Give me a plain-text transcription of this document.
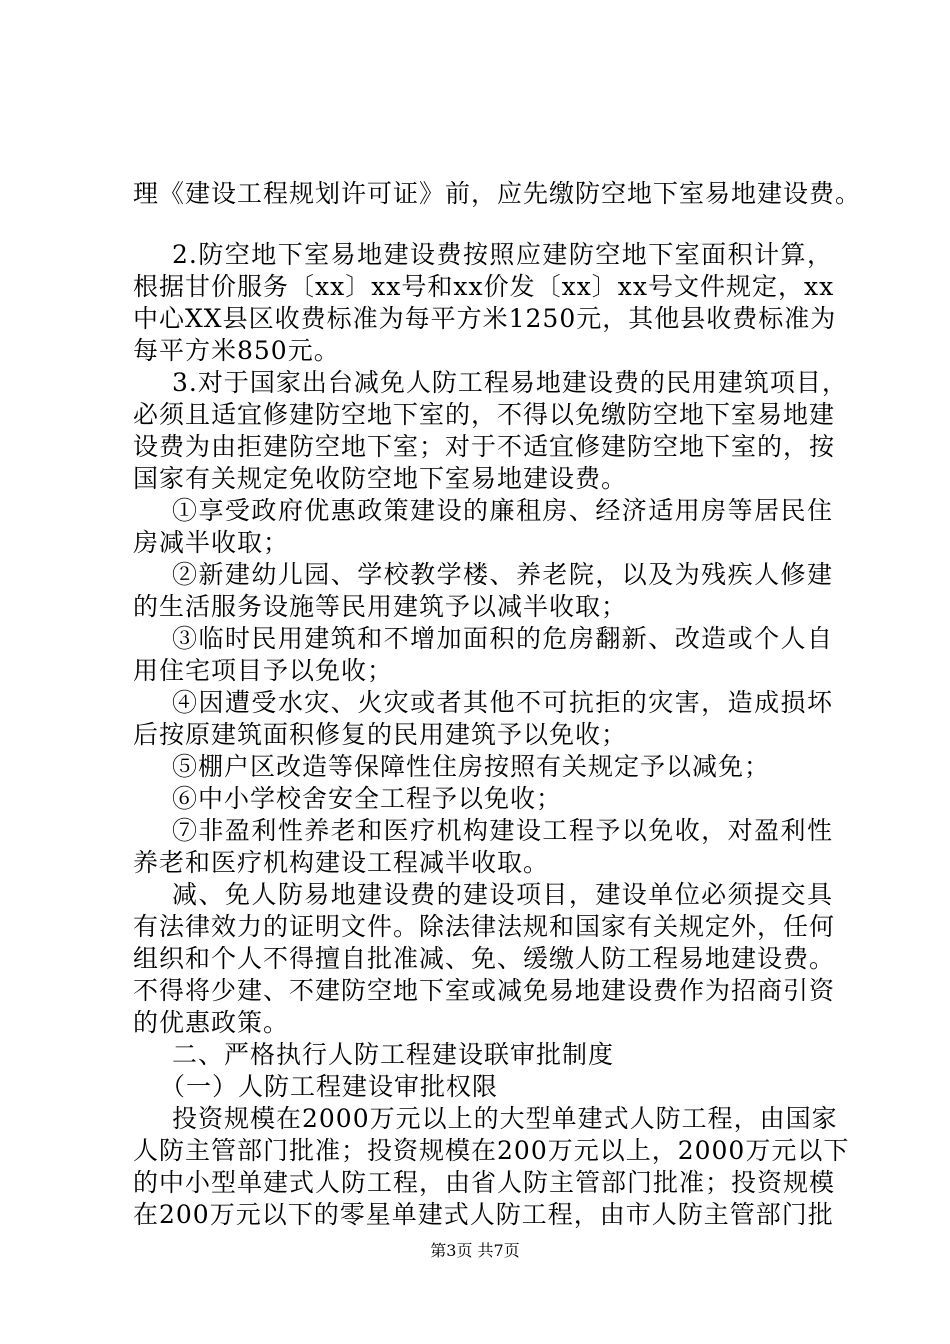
理《建设工程规划许可证》前，应先缴防空地下室易地建设费。
2.防空地下室易地建设费按照应建防空地下室面积计算，
根据甘价服务〔xx〕xx号和xx价发〔xx〕xx号文件规定，xx
中心XX县区收费标准为每平方米1250元，其他县收费标准为
每平方米850元。
3.对于国家出台减免人防工程易地建设费的民用建筑项目，
必须且适宜修建防空地下室的，不得以免缴防空地下室易地建
设费为由拒建防空地下室；对于不适宜修建防空地下室的，按
国家有关规定免收防空地下室易地建设费。
①享受政府优惠政策建设的廉租房、经济适用房等居民住
房减半收取；
②新建幼儿园、学校教学楼、养老院，以及为残疾人修建
的生活服务设施等民用建筑予以减半收取；
③临时民用建筑和不增加面积的危房翻新、改造或个人自
用住宅项目予以免收；
④因遭受水灾、火灾或者其他不可抗拒的灾害，造成损坏
后按原建筑面积修复的民用建筑予以免收；
⑤棚户区改造等保障性住房按照有关规定予以减免；
⑥中小学校舍安全工程予以免收；
⑦非盈利性养老和医疗机构建设工程予以免收，对盈利性
养老和医疗机构建设工程减半收取。
减、免人防易地建设费的建设项目，建设单位必须提交具
有法律效力的证明文件。除法律法规和国家有关规定外，任何
组织和个人不得擅自批准减、免、缓缴人防工程易地建设费。
不得将少建、不建防空地下室或减免易地建设费作为招商引资
的优惠政策。
二、严格执行人防工程建设联审批制度
（一）人防工程建设审批权限
投资规模在2000万元以上的大型单建式人防工程，由国家
人防主管部门批准；投资规模在200万元以上，2000万元以下
的中小型单建式人防工程，由省人防主管部门批准；投资规模
在200万元以下的零星单建式人防工程，由市人防主管部门批
第3页 共7页
